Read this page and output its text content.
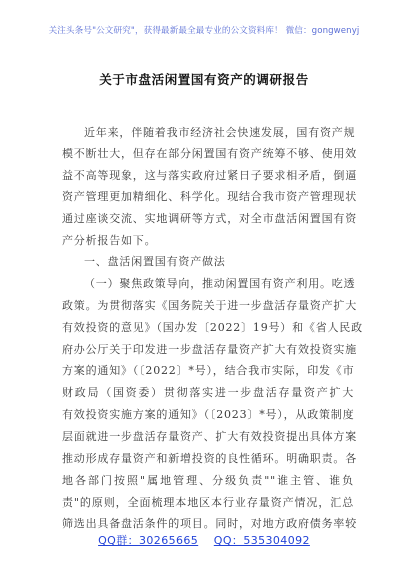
关注头条号"公文研究"，获得最新最全最专业的公文资料库！ 微信：gongwenyj
关于市盘活闲置国有资产的调研报告
近年来，伴随着我市经济社会快速发展，国有资产规
模不断壮大，但存在部分闲置国有资产统筹不够、使用效
益不高等现象，这与落实政府过紧日子要求相矛盾，倒逼
资产管理更加精细化、科学化。现结合我市资产管理现状
通过座谈交流、实地调研等方式，对全市盘活闲置国有资
产分析报告如下。
一、盘活闲置国有资产做法
（一）聚焦政策导向，推动闲置国有资产利用。吃透
政策。为贯彻落实《国务院关于进一步盘活存量资产扩大
有效投资的意见》（国办发〔2022〕19号）和《省人民政
府办公厅关于印发进一步盘活存量资产扩大有效投资实施
方案的通知》（〔2022〕*号），结合我市实际，印发《市
财政局（国资委）贯彻落实进一步盘活存量资产扩大
有效投资实施方案的通知》（〔2023〕*号），从政策制度
层面就进一步盘活存量资产、扩大有效投资提出具体方案
推动形成存量资产和新增投资的良性循环。明确职责。各
地各部门按照"属地管理、分级负责""谁主管、谁负
责"的原则，全面梳理本地区本行业存量资产情况，汇总
筛选出具备盘活条件的项目。同时，对地方政府债务率较
QQ群：30265665 QQ：535304092
